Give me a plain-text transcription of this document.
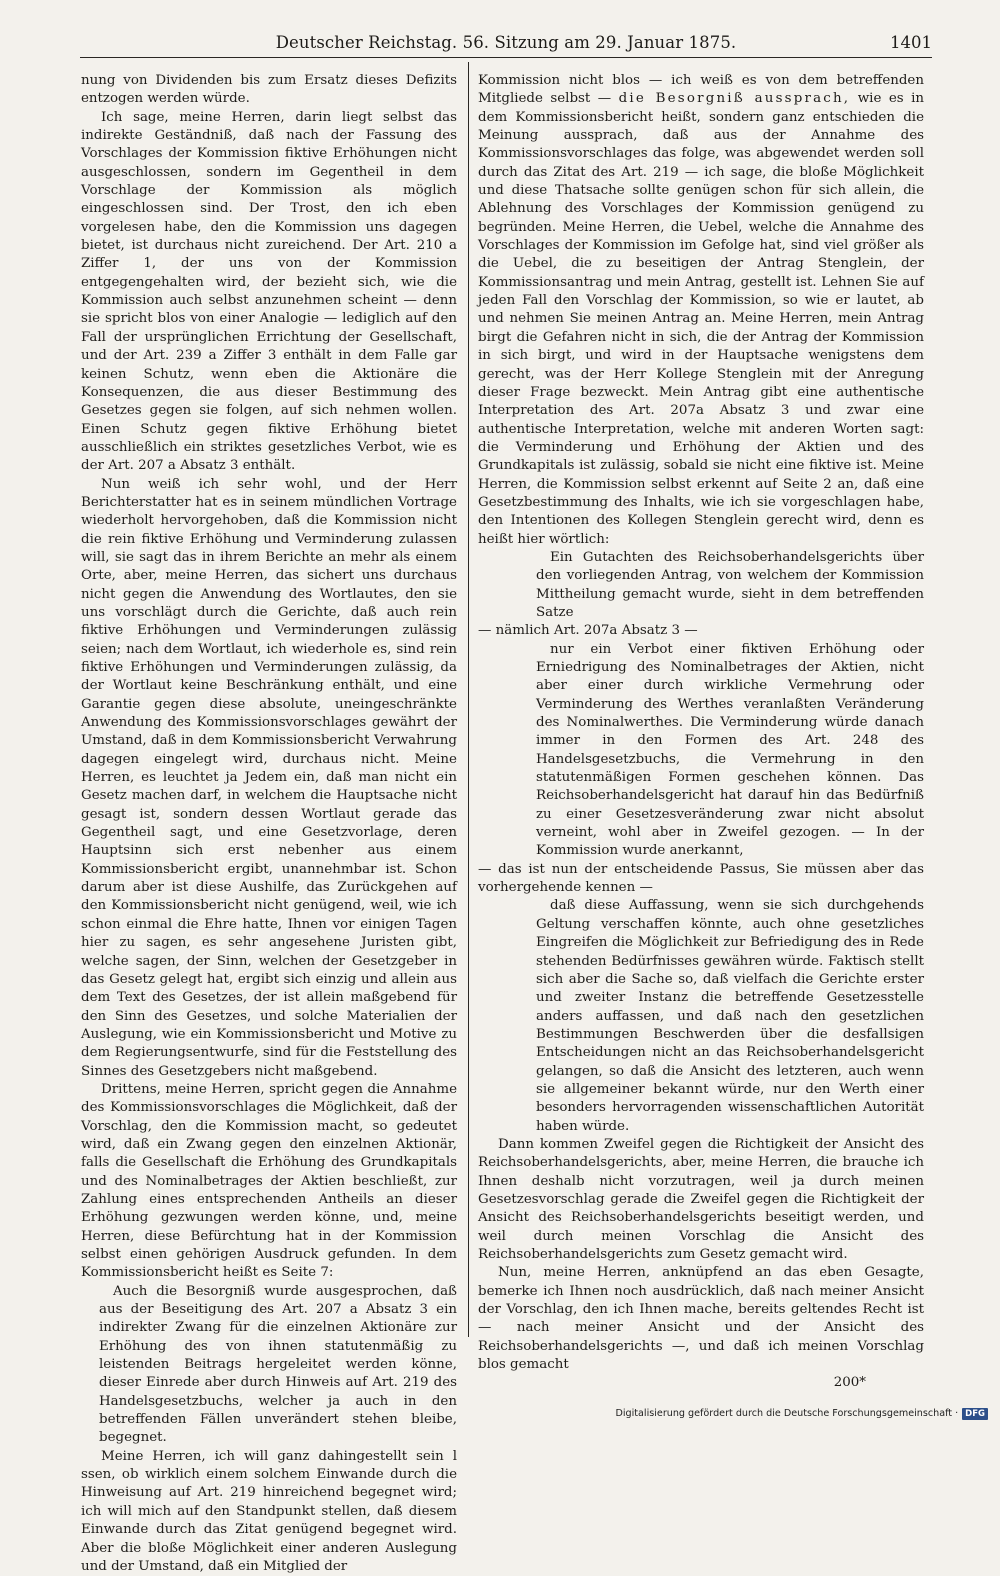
Deutscher Reichstag. 56. Sitzung am 29. Januar 1875.	1401

nung von Dividenden bis zum Ersatz dieses Defizits entzogen werden würde.

Ich sage, meine Herren, darin liegt selbst das indirekte Geständniß, daß nach der Fassung des Vorschlages der Kommission fiktive Erhöhungen nicht ausgeschlossen, sondern im Gegentheil in dem Vorschlage der Kommission als möglich eingeschlossen sind. Der Trost, den ich eben vorgelesen habe, den die Kommission uns dagegen bietet, ist durchaus nicht zureichend. Der Art. 210 a Ziffer 1, der uns von der Kommission entgegengehalten wird, der bezieht sich, wie die Kommission auch selbst anzunehmen scheint — denn sie spricht blos von einer Analogie — lediglich auf den Fall der ursprünglichen Errichtung der Gesellschaft, und der Art. 239 a Ziffer 3 enthält in dem Falle gar keinen Schutz, wenn eben die Aktionäre die Konsequenzen, die aus dieser Bestimmung des Gesetzes gegen sie folgen, auf sich nehmen wollen. Einen Schutz gegen fiktive Erhöhung bietet ausschließlich ein striktes gesetzliches Verbot, wie es der Art. 207 a Absatz 3 enthält.

Nun weiß ich sehr wohl, und der Herr Berichterstatter hat es in seinem mündlichen Vortrage wiederholt hervorgehoben, daß die Kommission nicht die rein fiktive Erhöhung und Verminderung zulassen will, sie sagt das in ihrem Berichte an mehr als einem Orte, aber, meine Herren, das sichert uns durchaus nicht gegen die Anwendung des Wortlautes, den sie uns vorschlägt durch die Gerichte, daß auch rein fiktive Erhöhungen und Verminderungen zulässig seien; nach dem Wortlaut, ich wiederhole es, sind rein fiktive Erhöhungen und Verminderungen zulässig, da der Wortlaut keine Beschränkung enthält, und eine Garantie gegen diese absolute, uneingeschränkte Anwendung des Kommissionsvorschlages gewährt der Umstand, daß in dem Kommissionsbericht Verwahrung dagegen eingelegt wird, durchaus nicht. Meine Herren, es leuchtet ja Jedem ein, daß man nicht ein Gesetz machen darf, in welchem die Hauptsache nicht gesagt ist, sondern dessen Wortlaut gerade das Gegentheil sagt, und eine Gesetzvorlage, deren Hauptsinn sich erst nebenher aus einem Kommissionsbericht ergibt, unannehmbar ist. Schon darum aber ist diese Aushilfe, das Zurückgehen auf den Kommissionsbericht nicht genügend, weil, wie ich schon einmal die Ehre hatte, Ihnen vor einigen Tagen hier zu sagen, es sehr angesehene Juristen gibt, welche sagen, der Sinn, welchen der Gesetzgeber in das Gesetz gelegt hat, ergibt sich einzig und allein aus dem Text des Gesetzes, der ist allein maßgebend für den Sinn des Gesetzes, und solche Materialien der Auslegung, wie ein Kommissionsbericht und Motive zu dem Regierungsentwurfe, sind für die Feststellung des Sinnes des Gesetzgebers nicht maßgebend.

Drittens, meine Herren, spricht gegen die Annahme des Kommissionsvorschlages die Möglichkeit, daß der Vorschlag, den die Kommission macht, so gedeutet wird, daß ein Zwang gegen den einzelnen Aktionär, falls die Gesellschaft die Erhöhung des Grundkapitals und des Nominalbetrages der Aktien beschließt, zur Zahlung eines entsprechenden Antheils an dieser Erhöhung gezwungen werden könne, und, meine Herren, diese Befürchtung hat in der Kommission selbst einen gehörigen Ausdruck gefunden. In dem Kommissionsbericht heißt es Seite 7:

Auch die Besorgniß wurde ausgesprochen, daß aus der Beseitigung des Art. 207 a Absatz 3 ein indirekter Zwang für die einzelnen Aktionäre zur Erhöhung des von ihnen statutenmäßig zu leistenden Beitrags hergeleitet werden könne, dieser Einrede aber durch Hinweis auf Art. 219 des Handelsgesetzbuchs, welcher ja auch in den betreffenden Fällen unverändert stehen bleibe, begegnet.

Meine Herren, ich will ganz dahingestellt sein l ssen, ob wirklich einem solchem Einwande durch die Hinweisung auf Art. 219 hinreichend begegnet wird; ich will mich auf den Standpunkt stellen, daß diesem Einwande durch das Zitat genügend begegnet wird. Aber die bloße Möglichkeit einer anderen Auslegung und der Umstand, daß ein Mitglied der

Kommission nicht blos — ich weiß es von dem betreffenden Mitgliede selbst — die Besorgniß aussprach, wie es in dem Kommissionsbericht heißt, sondern ganz entschieden die Meinung aussprach, daß aus der Annahme des Kommissionsvorschlages das folge, was abgewendet werden soll durch das Zitat des Art. 219 — ich sage, die bloße Möglichkeit und diese Thatsache sollte genügen schon für sich allein, die Ablehnung des Vorschlages der Kommission genügend zu begründen. Meine Herren, die Uebel, welche die Annahme des Vorschlages der Kommission im Gefolge hat, sind viel größer als die Uebel, die zu beseitigen der Antrag Stenglein, der Kommissionsantrag und mein Antrag, gestellt ist. Lehnen Sie auf jeden Fall den Vorschlag der Kommission, so wie er lautet, ab und nehmen Sie meinen Antrag an. Meine Herren, mein Antrag birgt die Gefahren nicht in sich, die der Antrag der Kommission in sich birgt, und wird in der Hauptsache wenigstens dem gerecht, was der Herr Kollege Stenglein mit der Anregung dieser Frage bezweckt. Mein Antrag gibt eine authentische Interpretation des Art. 207a Absatz 3 und zwar eine authentische Interpretation, welche mit anderen Worten sagt: die Verminderung und Erhöhung der Aktien und des Grundkapitals ist zulässig, sobald sie nicht eine fiktive ist. Meine Herren, die Kommission selbst erkennt auf Seite 2 an, daß eine Gesetzbestimmung des Inhalts, wie ich sie vorgeschlagen habe, den Intentionen des Kollegen Stenglein gerecht wird, denn es heißt hier wörtlich:

Ein Gutachten des Reichsoberhandelsgerichts über den vorliegenden Antrag, von welchem der Kommission Mittheilung gemacht wurde, sieht in dem betreffenden Satze

— nämlich Art. 207a Absatz 3 —

nur ein Verbot einer fiktiven Erhöhung oder Erniedrigung des Nominalbetrages der Aktien, nicht aber einer durch wirkliche Vermehrung oder Verminderung des Werthes veranlaßten Veränderung des Nominalwerthes. Die Verminderung würde danach immer in den Formen des Art. 248 des Handelsgesetzbuchs, die Vermehrung in den statutenmäßigen Formen geschehen können. Das Reichsoberhandelsgericht hat darauf hin das Bedürfniß zu einer Gesetzesveränderung zwar nicht absolut verneint, wohl aber in Zweifel gezogen. — In der Kommission wurde anerkannt,

— das ist nun der entscheidende Passus, Sie müssen aber das vorhergehende kennen —

daß diese Auffassung, wenn sie sich durchgehends Geltung verschaffen könnte, auch ohne gesetzliches Eingreifen die Möglichkeit zur Befriedigung des in Rede stehenden Bedürfnisses gewähren würde. Faktisch stellt sich aber die Sache so, daß vielfach die Gerichte erster und zweiter Instanz die betreffende Gesetzesstelle anders auffassen, und daß nach den gesetzlichen Bestimmungen Beschwerden über die desfallsigen Entscheidungen nicht an das Reichsoberhandelsgericht gelangen, so daß die Ansicht des letzteren, auch wenn sie allgemeiner bekannt würde, nur den Werth einer besonders hervorragenden wissenschaftlichen Autorität haben würde.

Dann kommen Zweifel gegen die Richtigkeit der Ansicht des Reichsoberhandelsgerichts, aber, meine Herren, die brauche ich Ihnen deshalb nicht vorzutragen, weil ja durch meinen Gesetzesvorschlag gerade die Zweifel gegen die Richtigkeit der Ansicht des Reichsoberhandelsgerichts beseitigt werden, und weil durch meinen Vorschlag die Ansicht des Reichsoberhandelsgerichts zum Gesetz gemacht wird.

Nun, meine Herren, anknüpfend an das eben Gesagte, bemerke ich Ihnen noch ausdrücklich, daß nach meiner Ansicht der Vorschlag, den ich Ihnen mache, bereits geltendes Recht ist — nach meiner Ansicht und der Ansicht des Reichsoberhandelsgerichts —, und daß ich meinen Vorschlag blos gemacht

200*

Digitalisierung gefördert durch die Deutsche Forschungsgemeinschaft · DFG
